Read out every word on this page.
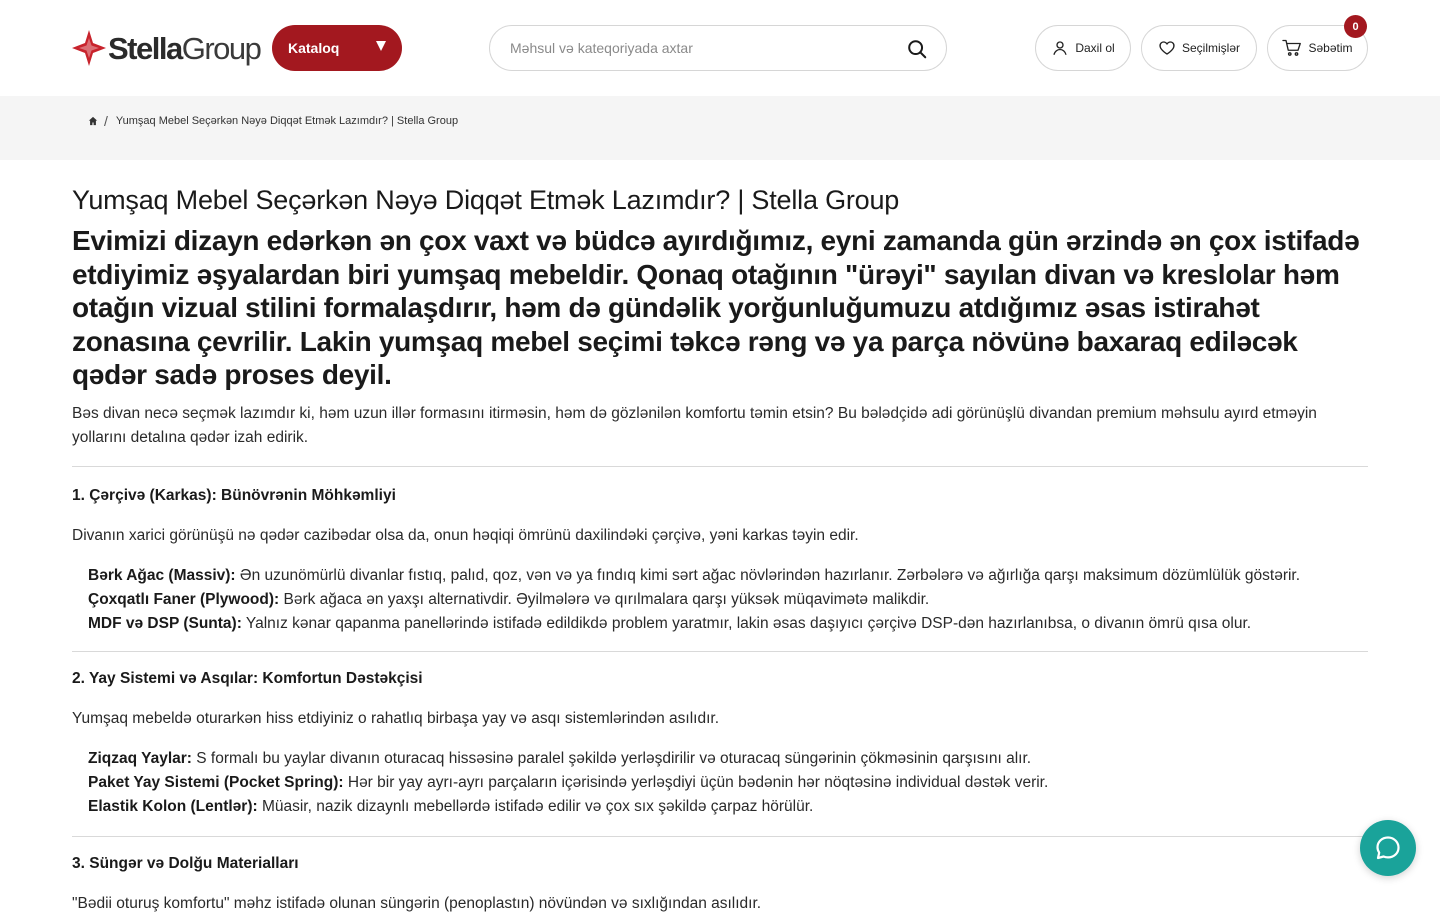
StellaGroup Kataloq
Məhsul və kateqoriyada axtar	Daxil ol	Seçilmişlər	Səbətim
0
/ Yumşaq Mebel Seçərkən Nəyə Diqqət Etmək Lazımdır? | Stella Group
Yumşaq Mebel Seçərkən Nəyə Diqqət Etmək Lazımdır? | Stella Group

Evimizi dizayn edərkən ən çox vaxt və büdcə ayırdığımız, eyni zamanda gün ərzində ən çox istifadə etdiyimiz əşyalardan biri yumşaq mebeldir. Qonaq otağının "ürəyi" sayılan divan və kreslolar həm otağın vizual stilini formalaşdırır, həm də gündəlik yorğunluğumuzu atdığımız əsas istirahət zonasına çevrilir. Lakin yumşaq mebel seçimi təkcə rəng və ya parça növünə baxaraq ediləcək qədər sadə proses deyil.

Bəs divan necə seçmək lazımdır ki, həm uzun illər formasını itirməsin, həm də gözlənilən komfortu təmin etsin? Bu bələdçidə adi görünüşlü divandan premium məhsulu ayırd etməyin yollarını detalına qədər izah edirik.

1. Çərçivə (Karkas): Bünövrənin Möhkəmliyi

Divanın xarici görünüşü nə qədər cazibədar olsa da, onun həqiqi ömrünü daxilindəki çərçivə, yəni karkas təyin edir.

Bərk Ağac (Massiv): Ən uzunömürlü divanlar fıstıq, palıd, qoz, vən və ya fındıq kimi sərt ağac növlərindən hazırlanır. Zərbələrə və ağırlığa qarşı maksimum dözümlülük göstərir.
Çoxqatlı Faner (Plywood): Bərk ağaca ən yaxşı alternativdir. Əyilmələrə və qırılmalara qarşı yüksək müqavimətə malikdir.
MDF və DSP (Sunta): Yalnız kənar qapanma panellərində istifadə edildikdə problem yaratmır, lakin əsas daşıyıcı çərçivə DSP-dən hazırlanıbsa, o divanın ömrü qısa olur.
2. Yay Sistemi və Asqılar: Komfortun Dəstəkçisi

Yumşaq mebeldə oturarkən hiss etdiyiniz o rahatlıq birbaşa yay və asqı sistemlərindən asılıdır.

Ziqzaq Yaylar: S formalı bu yaylar divanın oturacaq hissəsinə paralel şəkildə yerləşdirilir və oturacaq süngərinin çökməsinin qarşısını alır.
Paket Yay Sistemi (Pocket Spring): Hər bir yay ayrı-ayrı parçaların içərisində yerləşdiyi üçün bədənin hər nöqtəsinə individual dəstək verir.
Elastik Kolon (Lentlər): Müasir, nazik dizaynlı mebellərdə istifadə edilir və çox sıx şəkildə çarpaz hörülür.
3. Süngər və Dolğu Materialları

"Bədii oturuş komfortu" məhz istifadə olunan süngərin (penoplastın) növündən və sıxlığından asılıdır.
